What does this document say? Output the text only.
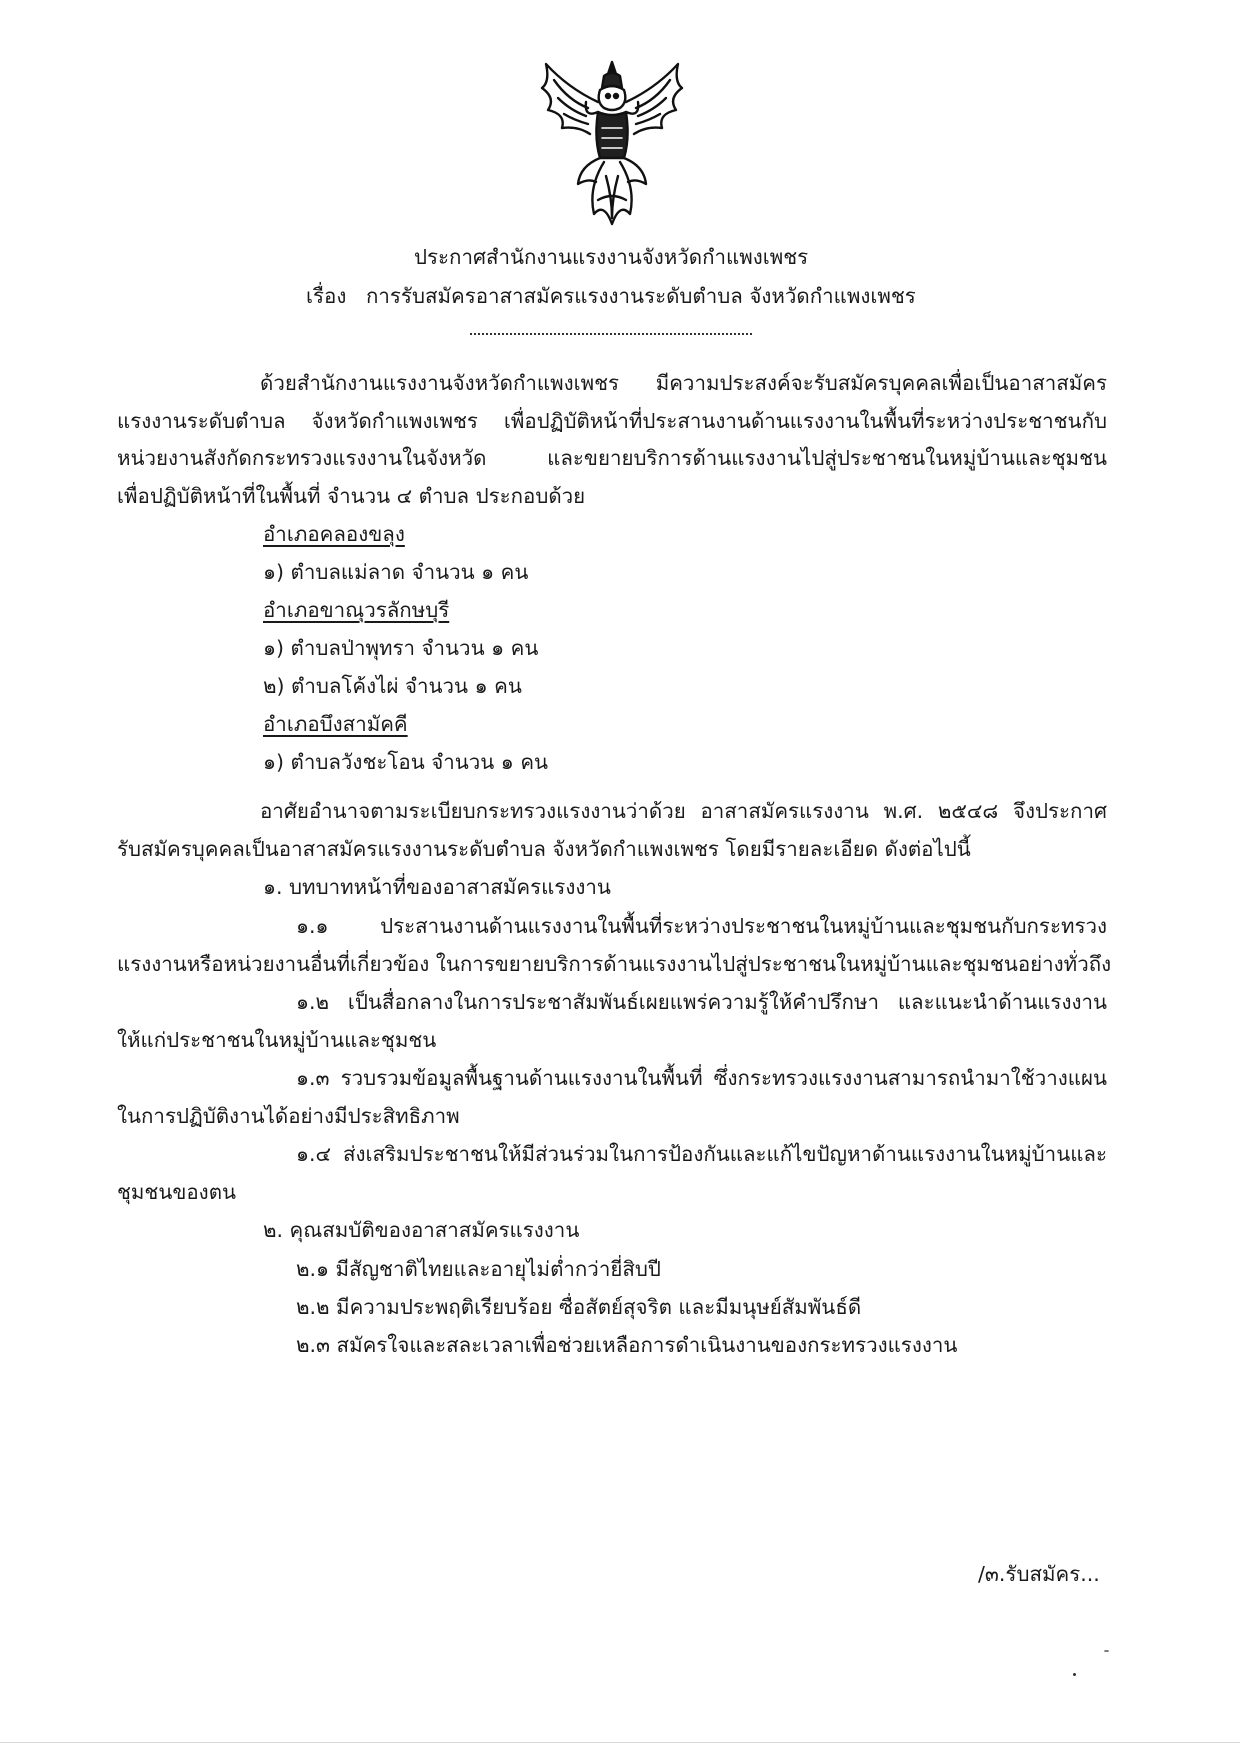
ประกาศสำนักงานแรงงานจังหวัดกำแพงเพชร
เรื่อง การรับสมัครอาสาสมัครแรงงานระดับตำบล จังหวัดกำแพงเพชร
ด้วยสำนักงานแรงงานจังหวัดกำแพงเพชร มีความประสงค์จะรับสมัครบุคคลเพื่อเป็นอาสาสมัคร
แรงงานระดับตำบล จังหวัดกำแพงเพชร เพื่อปฏิบัติหน้าที่ประสานงานด้านแรงงานในพื้นที่ระหว่างประชาชนกับ
หน่วยงานสังกัดกระทรวงแรงงานในจังหวัด และขยายบริการด้านแรงงานไปสู่ประชาชนในหมู่บ้านและชุมชน
เพื่อปฏิบัติหน้าที่ในพื้นที่ จำนวน ๔ ตำบล ประกอบด้วย
อำเภอคลองขลุง
๑) ตำบลแม่ลาด จำนวน ๑ คน
อำเภอขาณุวรลักษบุรี
๑) ตำบลป่าพุทรา จำนวน ๑ คน
๒) ตำบลโค้งไผ่ จำนวน ๑ คน
อำเภอบึงสามัคคี
๑) ตำบลวังชะโอน จำนวน ๑ คน
อาศัยอำนาจตามระเบียบกระทรวงแรงงานว่าด้วย อาสาสมัครแรงงาน พ.ศ. ๒๕๔๘ จึงประกาศ
รับสมัครบุคคลเป็นอาสาสมัครแรงงานระดับตำบล จังหวัดกำแพงเพชร โดยมีรายละเอียด ดังต่อไปนี้
๑. บทบาทหน้าที่ของอาสาสมัครแรงงาน
๑.๑ ประสานงานด้านแรงงานในพื้นที่ระหว่างประชาชนในหมู่บ้านและชุมชนกับกระทรวง
แรงงานหรือหน่วยงานอื่นที่เกี่ยวข้อง ในการขยายบริการด้านแรงงานไปสู่ประชาชนในหมู่บ้านและชุมชนอย่างทั่วถึง
๑.๒ เป็นสื่อกลางในการประชาสัมพันธ์เผยแพร่ความรู้ให้คำปรึกษา และแนะนำด้านแรงงาน
ให้แก่ประชาชนในหมู่บ้านและชุมชน
๑.๓ รวบรวมข้อมูลพื้นฐานด้านแรงงานในพื้นที่ ซึ่งกระทรวงแรงงานสามารถนำมาใช้วางแผน
ในการปฏิบัติงานได้อย่างมีประสิทธิภาพ
๑.๔ ส่งเสริมประชาชนให้มีส่วนร่วมในการป้องกันและแก้ไขปัญหาด้านแรงงานในหมู่บ้านและ
ชุมชนของตน
๒. คุณสมบัติของอาสาสมัครแรงงาน
๒.๑ มีสัญชาติไทยและอายุไม่ต่ำกว่ายี่สิบปี
๒.๒ มีความประพฤติเรียบร้อย ซื่อสัตย์สุจริต และมีมนุษย์สัมพันธ์ดี
๒.๓ สมัครใจและสละเวลาเพื่อช่วยเหลือการดำเนินงานของกระทรวงแรงงาน
/๓.รับสมัคร...
